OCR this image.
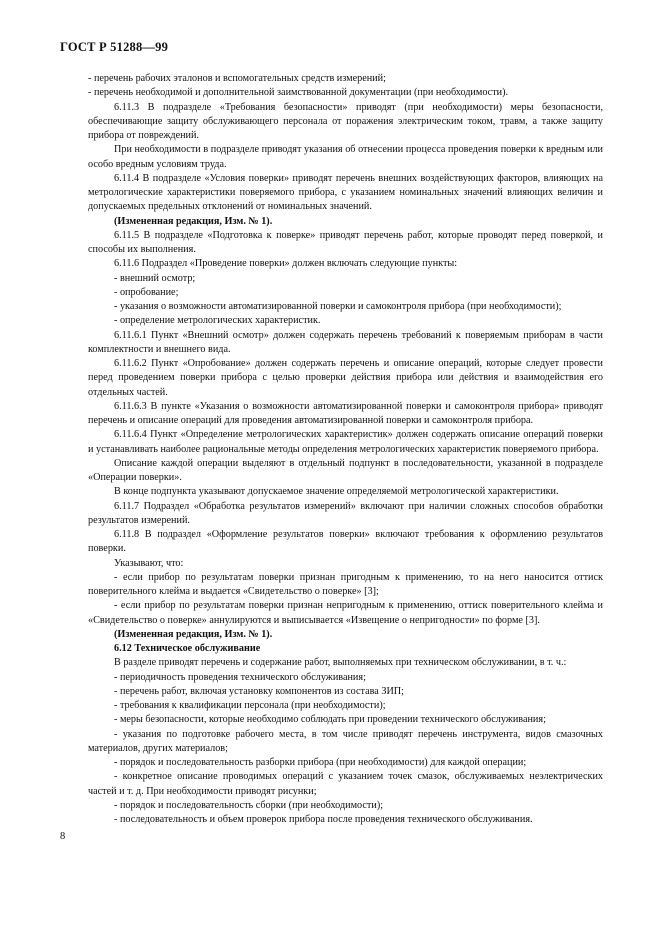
ГОСТ Р 51288—99

- перечень рабочих эталонов и вспомогательных средств измерений;

- перечень необходимой и дополнительной заимствованной документации (при необходимости).

6.11.3 В подразделе «Требования безопасности» приводят (при необходимости) меры безопасности, обеспечивающие защиту обслуживающего персонала от поражения электрическим током, травм, а также защиту прибора от повреждений.

При необходимости в подразделе приводят указания об отнесении процесса проведения поверки к вредным или особо вредным условиям труда.

6.11.4 В подразделе «Условия поверки» приводят перечень внешних воздействующих факторов, влияющих на метрологические характеристики поверяемого прибора, с указанием номинальных значений влияющих величин и допускаемых предельных отклонений от номинальных значений.

(Измененная редакция, Изм. № 1).

6.11.5 В подразделе «Подготовка к поверке» приводят перечень работ, которые проводят перед поверкой, и способы их выполнения.

6.11.6 Подраздел «Проведение поверки» должен включать следующие пункты:

- внешний осмотр;

- опробование;

- указания о возможности автоматизированной поверки и самоконтроля прибора (при необходимости);

- определение метрологических характеристик.

6.11.6.1 Пункт «Внешний осмотр» должен содержать перечень требований к поверяемым приборам в части комплектности и внешнего вида.

6.11.6.2 Пункт «Опробование» должен содержать перечень и описание операций, которые следует провести перед проведением поверки прибора с целью проверки действия прибора или действия и взаимодействия его отдельных частей.

6.11.6.3 В пункте «Указания о возможности автоматизированной поверки и самоконтроля прибора» приводят перечень и описание операций для проведения автоматизированной поверки и самоконтроля прибора.

6.11.6.4 Пункт «Определение метрологических характеристик» должен содержать описание операций поверки и устанавливать наиболее рациональные методы определения метрологических характеристик поверяемого прибора.

Описание каждой операции выделяют в отдельный подпункт в последовательности, указанной в подразделе «Операции поверки».

В конце подпункта указывают допускаемое значение определяемой метрологической характеристики.

6.11.7 Подраздел «Обработка результатов измерений» включают при наличии сложных способов обработки результатов измерений.

6.11.8 В подраздел «Оформление результатов поверки» включают требования к оформлению результатов поверки.

Указывают, что:

- если прибор по результатам поверки признан пригодным к применению, то на него наносится оттиск поверительного клейма и выдается «Свидетельство о поверке» [3];

- если прибор по результатам поверки признан непригодным к применению, оттиск поверительного клейма и «Свидетельство о поверке» аннулируются и выписывается «Извещение о непригодности» по форме [3].

(Измененная редакция, Изм. № 1).

6.12 Техническое обслуживание

В разделе приводят перечень и содержание работ, выполняемых при техническом обслуживании, в т. ч.:

- периодичность проведения технического обслуживания;

- перечень работ, включая установку компонентов из состава ЗИП;

- требования к квалификации персонала (при необходимости);

- меры безопасности, которые необходимо соблюдать при проведении технического обслуживания;

- указания по подготовке рабочего места, в том числе приводят перечень инструмента, видов смазочных материалов, других материалов;

- порядок и последовательность разборки прибора (при необходимости) для каждой операции;

- конкретное описание проводимых операций с указанием точек смазок, обслуживаемых неэлектрических частей и т. д. При необходимости приводят рисунки;

- порядок и последовательность сборки (при необходимости);

- последовательность и объем проверок прибора после проведения технического обслуживания.

8
